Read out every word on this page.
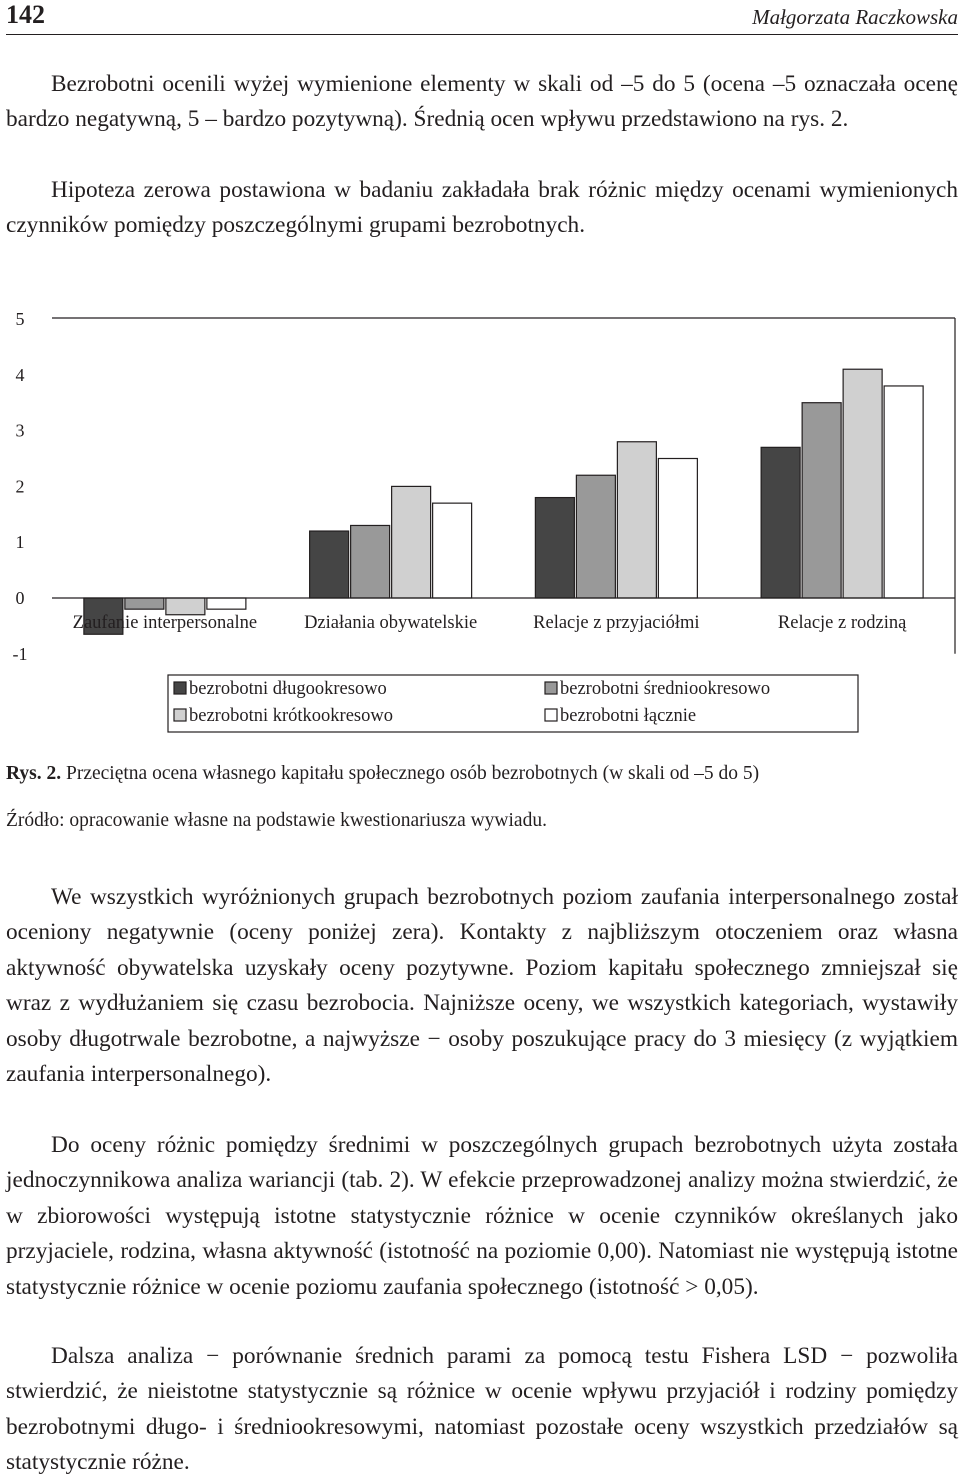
142	Małgorzata Raczkowska

Bezrobotni ocenili wyżej wymienione elementy w skali od –5 do 5 (ocena –5 oznaczała ocenę bardzo negatywną, 5 – bardzo pozytywną). Średnią ocen wpływu przedstawiono na rys. 2.

Hipoteza zerowa postawiona w badaniu zakładała brak różnic między ocenami wymienionych czynników pomiędzy poszczególnymi grupami bezrobotnych.

5
4
3
2
1
0
-1
Zaufanie interpersonalne	Działania obywatelskie	Relacje z przyjaciółmi	Relacje z rodziną
bezrobotni długookresowo	bezrobotni średniookresowo
bezrobotni krótkookresowo	bezrobotni łącznie
Rys. 2. Przeciętna ocena własnego kapitału społecznego osób bezrobotnych (w skali od –5 do 5)
Źródło: opracowanie własne na podstawie kwestionariusza wywiadu.

We wszystkich wyróżnionych grupach bezrobotnych poziom zaufania interpersonalnego został oceniony negatywnie (oceny poniżej zera). Kontakty z najbliższym otoczeniem oraz własna aktywność obywatelska uzyskały oceny pozytywne. Poziom kapitału społecznego zmniejszał się wraz z wydłużaniem się czasu bezrobocia. Najniższe oceny, we wszystkich kategoriach, wystawiły osoby długotrwale bezrobotne, a najwyższe − osoby poszukujące pracy do 3 miesięcy (z wyjątkiem zaufania interpersonalnego).

Do oceny różnic pomiędzy średnimi w poszczególnych grupach bezrobotnych użyta została jednoczynnikowa analiza wariancji (tab. 2). W efekcie przeprowadzonej analizy można stwierdzić, że w zbiorowości występują istotne statystycznie różnice w ocenie czynników określanych jako przyjaciele, rodzina, własna aktywność (istotność na poziomie 0,00). Natomiast nie występują istotne statystycznie różnice w ocenie poziomu zaufania społecznego (istotność > 0,05).

Dalsza analiza − porównanie średnich parami za pomocą testu Fishera LSD − pozwoliła stwierdzić, że nieistotne statystycznie są różnice w ocenie wpływu przyjaciół i rodziny pomiędzy bezrobotnymi długo- i średniookresowymi, natomiast pozostałe oceny wszystkich przedziałów są statystycznie różne.
